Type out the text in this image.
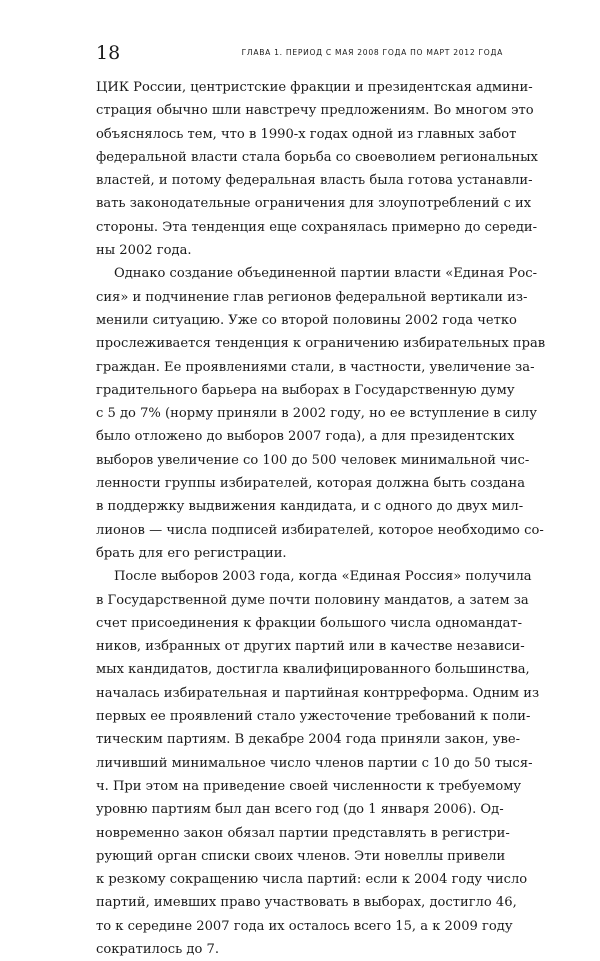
18	ГЛАВА 1. ПЕРИОД С МАЯ 2008 ГОДА ПО МАРТ 2012 ГОДА
ЦИК России, центристские фракции и президентская админи-
страция обычно шли навстречу предложениям. Во многом это
объяснялось тем, что в 1990-х годах одной из главных забот
федеральной власти стала борьба со своеволием региональных
властей, и потому федеральная власть была готова устанавли-
вать законодательные ограничения для злоупотреблений с их
стороны. Эта тенденция еще сохранялась примерно до середи-
ны 2002 года.
Однако создание объединенной партии власти «Единая Рос-
сия» и подчинение глав регионов федеральной вертикали из-
менили ситуацию. Уже со второй половины 2002 года четко
прослеживается тенденция к ограничению избирательных прав
граждан. Ее проявлениями стали, в частности, увеличение за-
градительного барьера на выборах в Государственную думу
с 5 до 7% (норму приняли в 2002 году, но ее вступление в силу
было отложено до выборов 2007 года), а для президентских
выборов увеличение со 100 до 500 человек минимальной чис-
ленности группы избирателей, которая должна быть создана
в поддержку выдвижения кандидата, и с одного до двух мил-
лионов — числа подписей избирателей, которое необходимо со-
брать для его регистрации.
После выборов 2003 года, когда «Единая Россия» получила
в Государственной думе почти половину мандатов, а затем за
счет присоединения к фракции большого числа одномандат-
ников, избранных от других партий или в качестве независи-
мых кандидатов, достигла квалифицированного большинства,
началась избирательная и партийная контрреформа. Одним из
первых ее проявлений стало ужесточение требований к поли-
тическим партиям. В декабре 2004 года приняли закон, уве-
личивший минимальное число членов партии с 10 до 50 тыся-
ч. При этом на приведение своей численности к требуемому
уровню партиям был дан всего год (до 1 января 2006). Од-
новременно закон обязал партии представлять в регистри-
рующий орган списки своих членов. Эти новеллы привели
к резкому сокращению числа партий: если к 2004 году число
партий, имевших право участвовать в выборах, достигло 46,
то к середине 2007 года их осталось всего 15, а к 2009 году
сократилось до 7.
